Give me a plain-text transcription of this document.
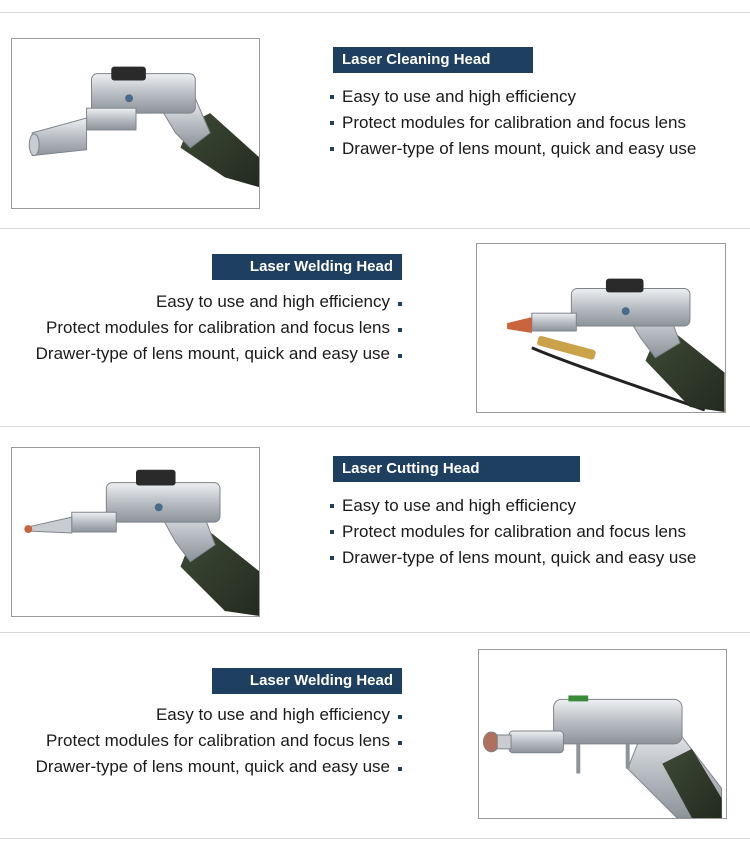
Laser Cleaning Head
Easy to use and high efficiency
Protect modules for calibration and focus lens
Drawer-type of lens mount, quick and easy use
Laser Welding Head
Easy to use and high efficiency
Protect modules for calibration and focus lens
Drawer-type of lens mount, quick and easy use
Laser Cutting Head
Easy to use and high efficiency
Protect modules for calibration and focus lens
Drawer-type of lens mount, quick and easy use
Laser Welding Head
Easy to use and high efficiency
Protect modules for calibration and focus lens
Drawer-type of lens mount, quick and easy use
